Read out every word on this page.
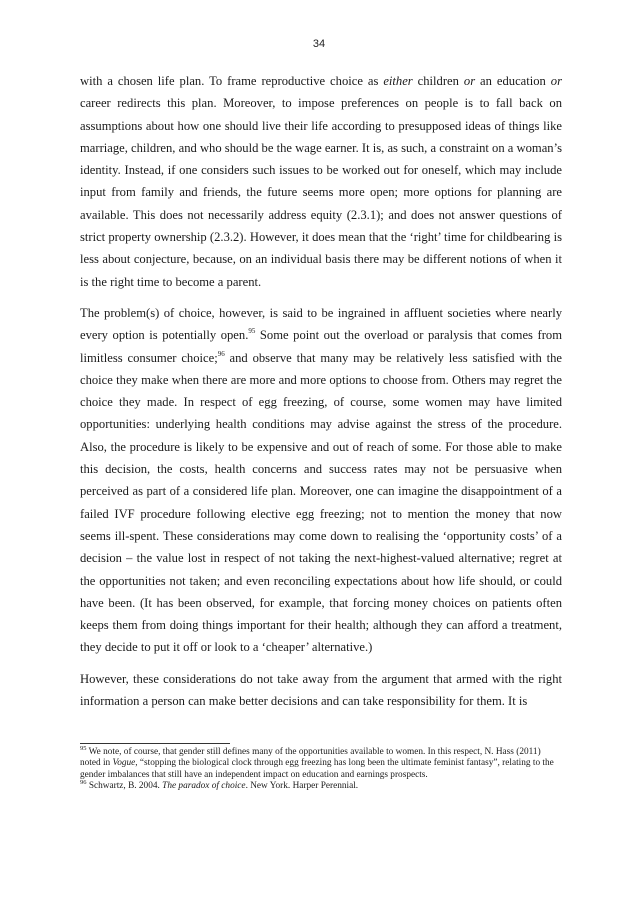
34

with a chosen life plan. To frame reproductive choice as either children or an education or career redirects this plan. Moreover, to impose preferences on people is to fall back on assumptions about how one should live their life according to presupposed ideas of things like marriage, children, and who should be the wage earner. It is, as such, a constraint on a woman’s identity. Instead, if one considers such issues to be worked out for oneself, which may include input from family and friends, the future seems more open; more options for planning are available. This does not necessarily address equity (2.3.1); and does not answer questions of strict property ownership (2.3.2). However, it does mean that the ‘right’ time for childbearing is less about conjecture, because, on an individual basis there may be different notions of when it is the right time to become a parent.

The problem(s) of choice, however, is said to be ingrained in affluent societies where nearly every option is potentially open.$^{95}$ Some point out the overload or paralysis that comes from limitless consumer choice;$^{96}$ and observe that many may be relatively less satisfied with the choice they make when there are more and more options to choose from. Others may regret the choice they made. In respect of egg freezing, of course, some women may have limited opportunities: underlying health conditions may advise against the stress of the procedure. Also, the procedure is likely to be expensive and out of reach of some. For those able to make this decision, the costs, health concerns and success rates may not be persuasive when perceived as part of a considered life plan. Moreover, one can imagine the disappointment of a failed IVF procedure following elective egg freezing; not to mention the money that now seems ill-spent. These considerations may come down to realising the ‘opportunity costs’ of a decision – the value lost in respect of not taking the next-highest-valued alternative; regret at the opportunities not taken; and even reconciling expectations about how life should, or could have been. (It has been observed, for example, that forcing money choices on patients often keeps them from doing things important for their health; although they can afford a treatment, they decide to put it off or look to a ‘cheaper’ alternative.)

However, these considerations do not take away from the argument that armed with the right information a person can make better decisions and can take responsibility for them. It is

$^{95}$ We note, of course, that gender still defines many of the opportunities available to women. In this respect, N. Hass (2011) noted in Vogue, “stopping the biological clock through egg freezing has long been the ultimate feminist fantasy”, relating to the gender imbalances that still have an independent impact on education and earnings prospects.

$^{96}$ Schwartz, B. 2004. The paradox of choice. New York. Harper Perennial.
